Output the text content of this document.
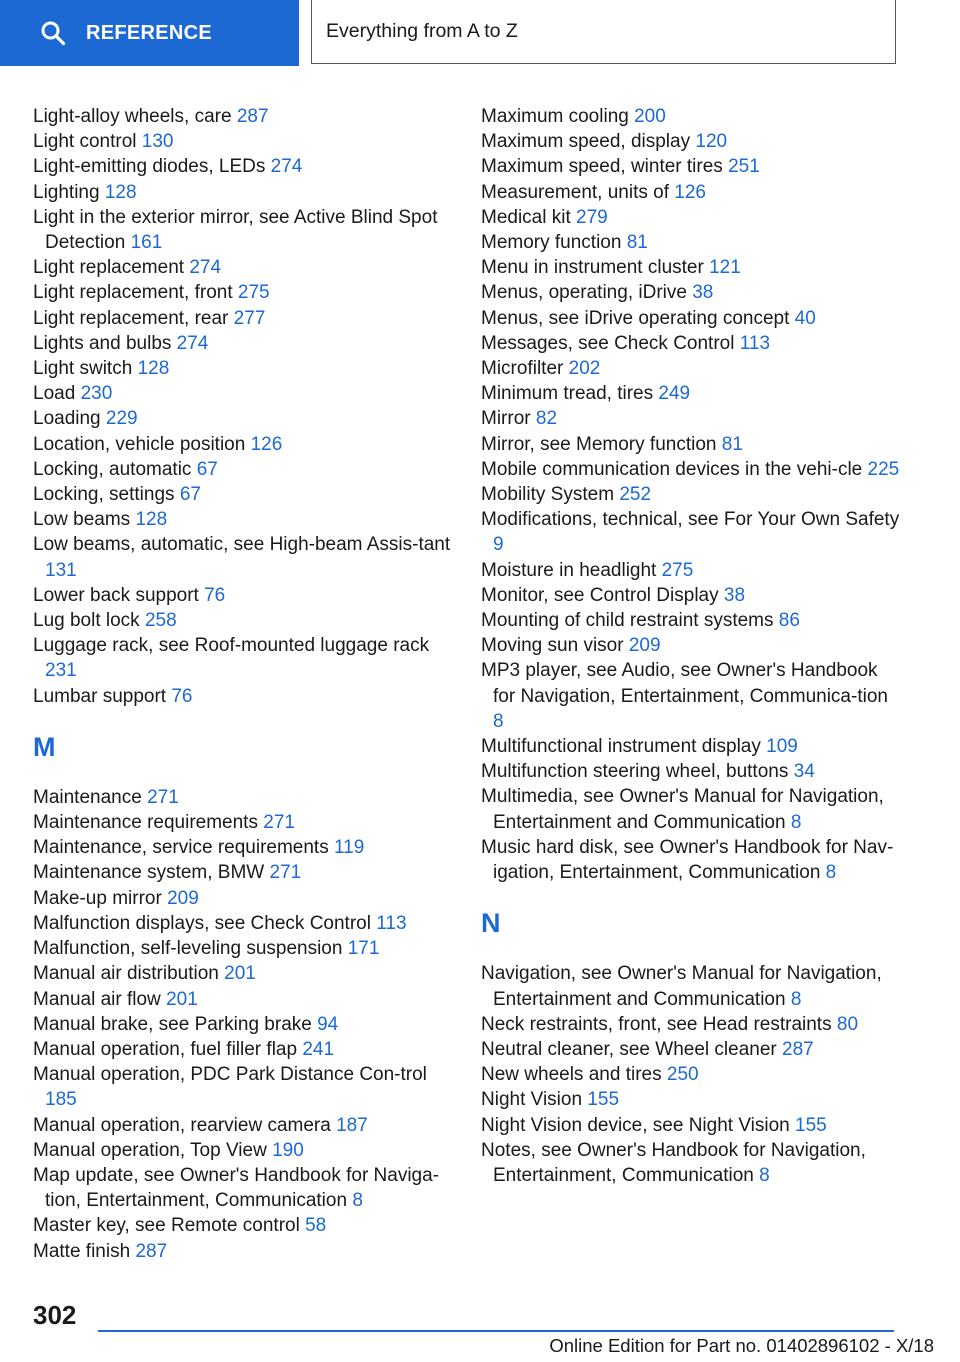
REFERENCE	Everything from A to Z
Light-alloy wheels, care 287
Light control 130
Light-emitting diodes, LEDs 274
Lighting 128
Light in the exterior mirror, see Active Blind Spot Detection 161
Light replacement 274
Light replacement, front 275
Light replacement, rear 277
Lights and bulbs 274
Light switch 128
Load 230
Loading 229
Location, vehicle position 126
Locking, automatic 67
Locking, settings 67
Low beams 128
Low beams, automatic, see High-beam Assis-tant 131
Lower back support 76
Lug bolt lock 258
Luggage rack, see Roof-mounted luggage rack 231
Lumbar support 76
M
Maintenance 271
Maintenance requirements 271
Maintenance, service requirements 119
Maintenance system, BMW 271
Make-up mirror 209
Malfunction displays, see Check Control 113
Malfunction, self-leveling suspension 171
Manual air distribution 201
Manual air flow 201
Manual brake, see Parking brake 94
Manual operation, fuel filler flap 241
Manual operation, PDC Park Distance Con-trol 185
Manual operation, rearview camera 187
Manual operation, Top View 190
Map update, see Owner's Handbook for Naviga-tion, Entertainment, Communication 8
Master key, see Remote control 58
Matte finish 287
Maximum cooling 200
Maximum speed, display 120
Maximum speed, winter tires 251
Measurement, units of 126
Medical kit 279
Memory function 81
Menu in instrument cluster 121
Menus, operating, iDrive 38
Menus, see iDrive operating concept 40
Messages, see Check Control 113
Microfilter 202
Minimum tread, tires 249
Mirror 82
Mirror, see Memory function 81
Mobile communication devices in the vehi-cle 225
Mobility System 252
Modifications, technical, see For Your Own Safety 9
Moisture in headlight 275
Monitor, see Control Display 38
Mounting of child restraint systems 86
Moving sun visor 209
MP3 player, see Audio, see Owner's Handbook for Navigation, Entertainment, Communica-tion 8
Multifunctional instrument display 109
Multifunction steering wheel, buttons 34
Multimedia, see Owner's Manual for Navigation, Entertainment and Communication 8
Music hard disk, see Owner's Handbook for Nav-igation, Entertainment, Communication 8
N
Navigation, see Owner's Manual for Navigation, Entertainment and Communication 8
Neck restraints, front, see Head restraints 80
Neutral cleaner, see Wheel cleaner 287
New wheels and tires 250
Night Vision 155
Night Vision device, see Night Vision 155
Notes, see Owner's Handbook for Navigation, Entertainment, Communication 8
302
Online Edition for Part no. 01402896102 - X/18
